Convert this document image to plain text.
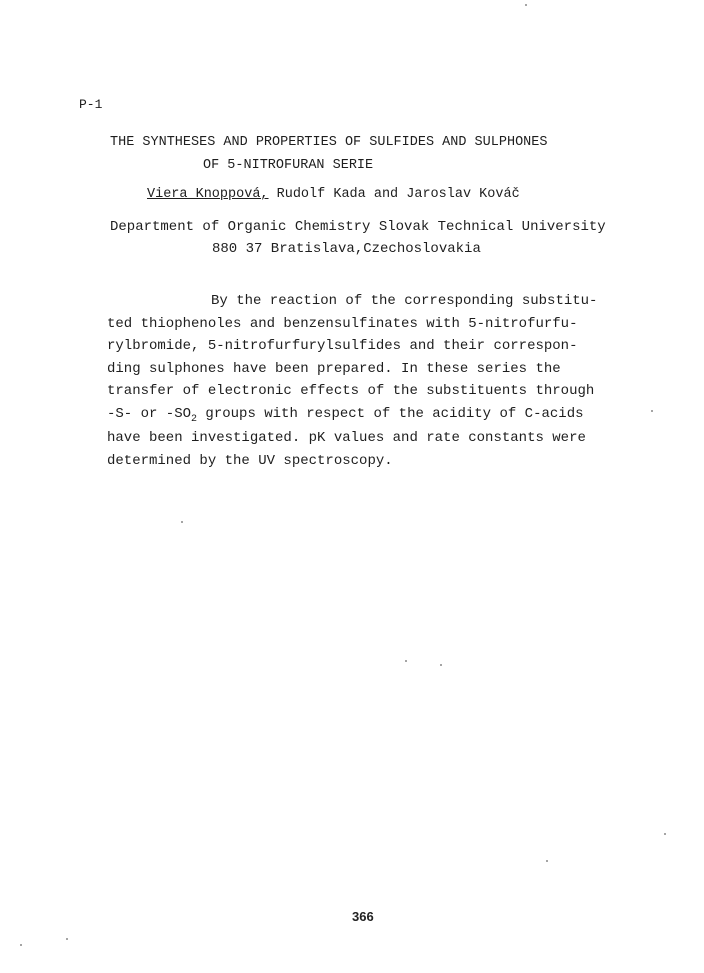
P-1
THE SYNTHESES AND PROPERTIES OF SULFIDES AND SULPHONES
OF 5-NITROFURAN SERIE
Viera Knoppová, Rudolf Kada and Jaroslav Kováč
Department of Organic Chemistry Slovak Technical University
880 37 Bratislava,Czechoslovakia
By the reaction of the corresponding substitu-
ted thiophenoles and benzensulfinates with 5-nitrofurfu-
rylbromide, 5-nitrofurfurylsulfides and their correspon-
ding sulphones have been prepared. In these series the
transfer of electronic effects of the substituents through
-S- or $-SO_2$ groups with respect of the acidity of C-acids
have been investigated. pK values and rate constants were
determined by the UV spectroscopy.
366
